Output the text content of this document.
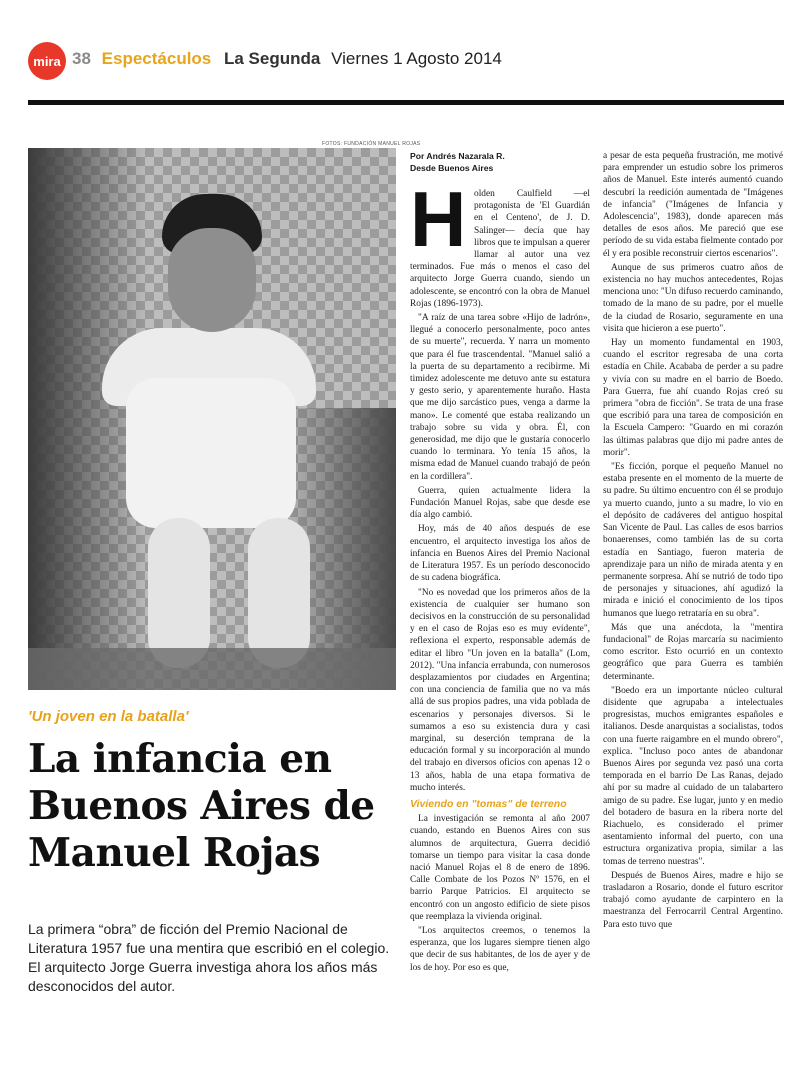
mira 38 Espectáculos La Segunda Viernes 1 Agosto 2014
FOTOS: FUNDACIÓN MANUEL ROJAS
'Un joven en la batalla'
La infancia en Buenos Aires de Manuel Rojas

La primera “obra” de ficción del Premio Nacional de Literatura 1957 fue una mentira que escribió en el colegio.

El arquitecto Jorge Guerra investiga ahora los años más desconocidos del autor.

Por Andrés Nazarala R.
Desde Buenos Aires
H olden Caulfield —el protagonista de 'El Guardián en el Centeno', de J. D. Salinger— decía que hay libros que te impulsan a querer llamar al autor una vez terminados. Fue más o menos el caso del arquitecto Jorge Guerra cuando, siendo un adolescente, se encontró con la obra de Manuel Rojas (1896-1973).

"A raíz de una tarea sobre «Hijo de ladrón», llegué a conocerlo personalmente, poco antes de su muerte", recuerda. Y narra un momento que para él fue trascendental. "Manuel salió a la puerta de su departamento a recibirme. Mi timidez adolescente me detuvo ante su estatura y gesto serio, y aparentemente huraño. Hasta que me dijo sarcástico pues, venga a darme la mano». Le comenté que estaba realizando un trabajo sobre su vida y obra. Él, con generosidad, me dijo que le gustaría conocerlo cuando lo terminara. Yo tenía 15 años, la misma edad de Manuel cuando trabajó de peón en la cordillera".

Guerra, quien actualmente lidera la Fundación Manuel Rojas, sabe que desde ese día algo cambió.

Hoy, más de 40 años después de ese encuentro, el arquitecto investiga los años de infancia en Buenos Aires del Premio Nacional de Literatura 1957. Es un período desconocido de su cadena biográfica.

"No es novedad que los primeros años de la existencia de cualquier ser humano son decisivos en la construcción de su personalidad y en el caso de Rojas eso es muy evidente", reflexiona el experto, responsable además de editar el libro "Un joven en la batalla" (Lom, 2012). "Una infancia errabunda, con numerosos desplazamientos por ciudades en Argentina; con una conciencia de familia que no va más allá de sus propios padres, una vida poblada de escenarios y personajes diversos. Si le sumamos a eso su existencia dura y casi marginal, su deserción temprana de la educación formal y su incorporación al mundo del trabajo en diversos oficios con apenas 12 o 13 años, habla de una etapa formativa de mucho interés.

Viviendo en "tomas" de terreno

La investigación se remonta al año 2007 cuando, estando en Buenos Aires con sus alumnos de arquitectura, Guerra decidió tomarse un tiempo para visitar la casa donde nació Manuel Rojas el 8 de enero de 1896. Calle Combate de los Pozos Nº 1576, en el barrio Parque Patricios. El arquitecto se encontró con un angosto edificio de siete pisos que reemplaza la vivienda original.

"Los arquitectos creemos, o tenemos la esperanza, que los lugares siempre tienen algo que decir de sus habitantes, de los de ayer y de los de hoy. Por eso es que,

a pesar de esta pequeña frustración, me motivé para emprender un estudio sobre los primeros años de Manuel. Este interés aumentó cuando descubrí la reedición aumentada de "Imágenes de infancia" ("Imágenes de Infancia y Adolescencia", 1983), donde aparecen más detalles de esos años. Me pareció que ese período de su vida estaba fielmente contado por él y era posible reconstruir ciertos escenarios".

Aunque de sus primeros cuatro años de existencia no hay muchos antecedentes, Rojas menciona uno: "Un difuso recuerdo caminando, tomado de la mano de su padre, por el muelle de la ciudad de Rosario, seguramente en una visita que hicieron a ese puerto".

Hay un momento fundamental en 1903, cuando el escritor regresaba de una corta estadía en Chile. Acababa de perder a su padre y vivía con su madre en el barrio de Boedo. Para Guerra, fue ahí cuando Rojas creó su primera "obra de ficción". Se trata de una frase que escribió para una tarea de composición en la Escuela Campero: "Guardo en mi corazón las últimas palabras que dijo mi padre antes de morir".

"Es ficción, porque el pequeño Manuel no estaba presente en el momento de la muerte de su padre. Su último encuentro con él se produjo ya muerto cuando, junto a su madre, lo vio en el depósito de cadáveres del antiguo hospital San Vicente de Paul. Las calles de esos barrios bonaerenses, como también las de su corta estadía en Santiago, fueron materia de aprendizaje para un niño de mirada atenta y en permanente sorpresa. Ahí se nutrió de todo tipo de personajes y situaciones, ahí agudizó la mirada e inició el conocimiento de los tipos humanos que luego retrataría en su obra".

Más que una anécdota, la "mentira fundacional" de Rojas marcaría su nacimiento como escritor. Esto ocurrió en un contexto geográfico que para Guerra es también determinante.

"Boedo era un importante núcleo cultural disidente que agrupaba a intelectuales progresistas, muchos emigrantes españoles e italianos. Desde anarquistas a socialistas, todos con una fuerte raigambre en el mundo obrero", explica. "Incluso poco antes de abandonar Buenos Aires por segunda vez pasó una corta temporada en el barrio De Las Ranas, dejado ahí por su madre al cuidado de un talabartero amigo de su padre. Ese lugar, junto y en medio del botadero de basura en la ribera norte del Riachuelo, es considerado el primer asentamiento informal del puerto, con una estructura organizativa propia, similar a las tomas de terreno nuestras".

Después de Buenos Aires, madre e hijo se trasladaron a Rosario, donde el futuro escritor trabajó como ayudante de carpintero en la maestranza del Ferrocarril Central Argentino. Para esto tuvo que
